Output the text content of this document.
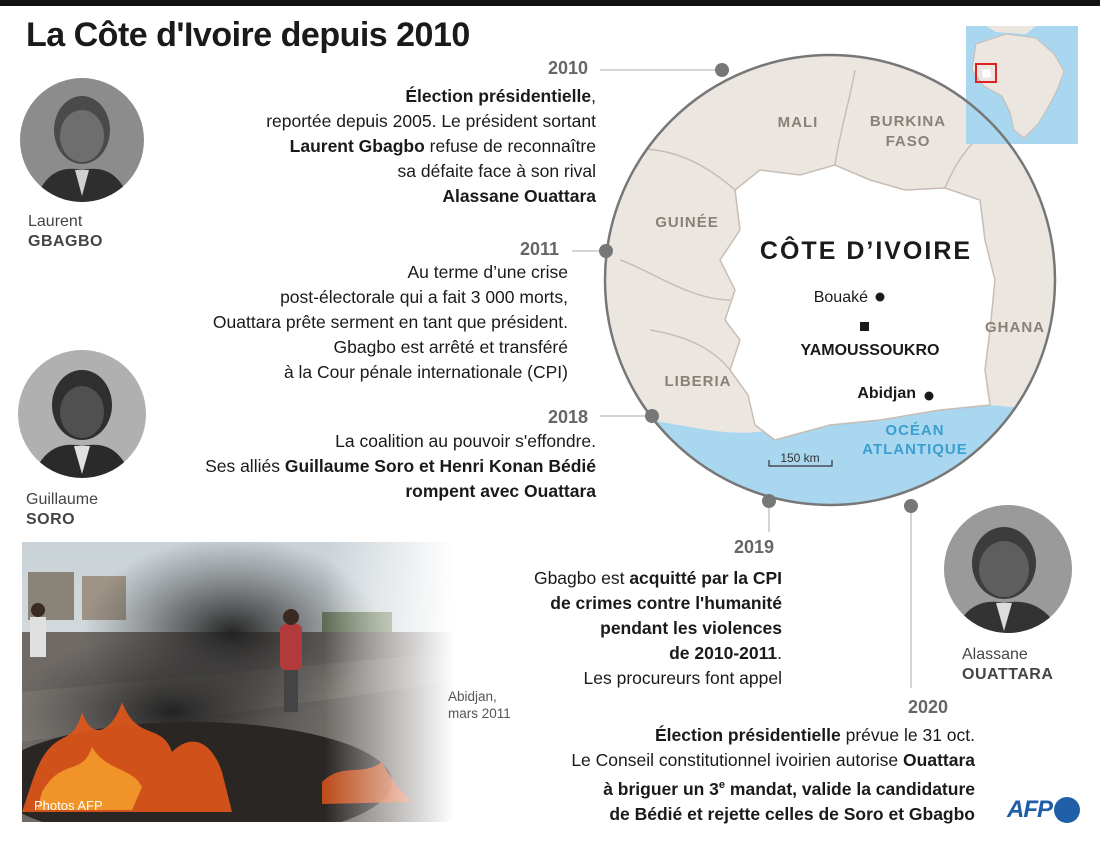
La Côte d'Ivoire depuis 2010
MALI	BURKINA
FASO
GUINÉE
GHANA
LIBERIA
CÔTE D’IVOIRE
Bouaké
YAMOUSSOUKRO
Abidjan
OCÉAN
ATLANTIQUE
150 km
2010
2011
2018
2019
2020
Élection présidentielle,
reportée depuis 2005. Le président sortant
Laurent Gbagbo refuse de reconnaître
sa défaite face à son rival
Alassane Ouattara
Au terme d’une crise
post-électorale qui a fait 3 000 morts,
Ouattara prête serment en tant que président.
Gbagbo est arrêté et transféré
à la Cour pénale internationale (CPI)
La coalition au pouvoir s'effondre.
Ses alliés Guillaume Soro et Henri Konan Bédié
rompent avec Ouattara
Gbagbo est acquitté par la CPI
de crimes contre l'humanité
pendant les violences
de 2010-2011.
Les procureurs font appel
Élection présidentielle prévue le 31 oct.
Le Conseil constitutionnel ivoirien autorise Ouattara
à briguer un 3e mandat, valide la candidature
de Bédié et rejette celles de Soro et Gbagbo
Laurent
GBAGBO
Guillaume
SORO
Alassane
OUATTARA
Photos AFP
Abidjan,
mars 2011
AFP
